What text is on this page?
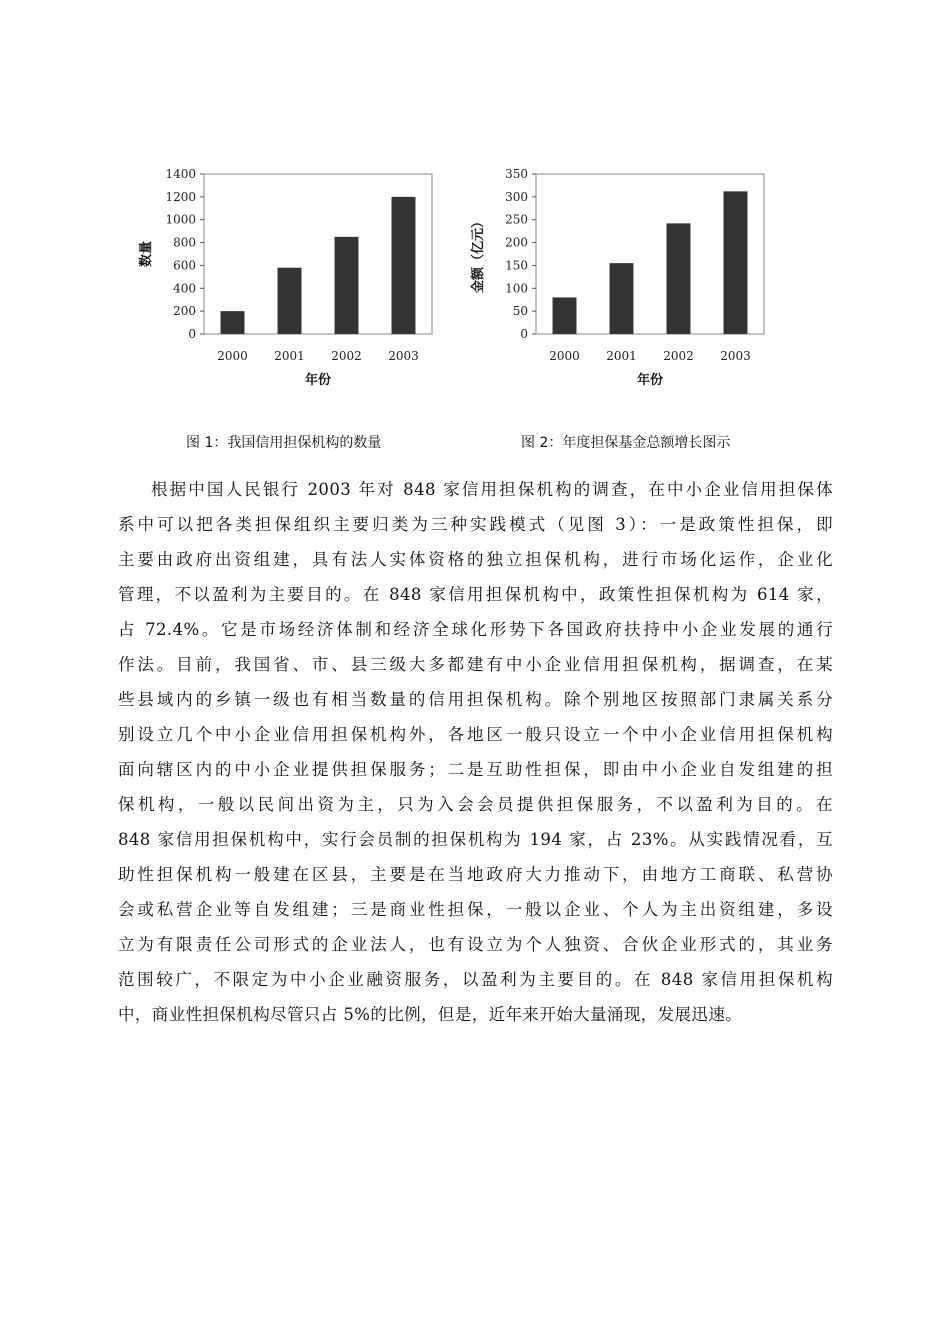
0
200
400
600
800
1000
1200
1400
2000 2001 2002 2003
年份
数量
图 1：我国信用担保机构的数量
0
50
100
150
200
250
300
350
2000 2001 2002 2003
年份
金额（亿元）
图 2：年度担保基金总额增长图示
根据中国人民银行 2003 年对 848 家信用担保机构的调查，在中小企业信用担保体
系中可以把各类担保组织主要归类为三种实践模式（见图 3）：一是政策性担保，即
主要由政府出资组建，具有法人实体资格的独立担保机构，进行市场化运作，企业化
管理，不以盈利为主要目的。在 848 家信用担保机构中，政策性担保机构为 614 家，
占 72.4%。它是市场经济体制和经济全球化形势下各国政府扶持中小企业发展的通行
作法。目前，我国省、市、县三级大多都建有中小企业信用担保机构，据调查，在某
些县域内的乡镇一级也有相当数量的信用担保机构。除个别地区按照部门隶属关系分
别设立几个中小企业信用担保机构外，各地区一般只设立一个中小企业信用担保机构
面向辖区内的中小企业提供担保服务；二是互助性担保，即由中小企业自发组建的担
保机构，一般以民间出资为主，只为入会会员提供担保服务，不以盈利为目的。在
848 家信用担保机构中，实行会员制的担保机构为 194 家，占 23%。从实践情况看，互
助性担保机构一般建在区县，主要是在当地政府大力推动下，由地方工商联、私营协
会或私营企业等自发组建；三是商业性担保，一般以企业、个人为主出资组建，多设
立为有限责任公司形式的企业法人，也有设立为个人独资、合伙企业形式的，其业务
范围较广，不限定为中小企业融资服务，以盈利为主要目的。在 848 家信用担保机构
中，商业性担保机构尽管只占 5%的比例，但是，近年来开始大量涌现，发展迅速。
